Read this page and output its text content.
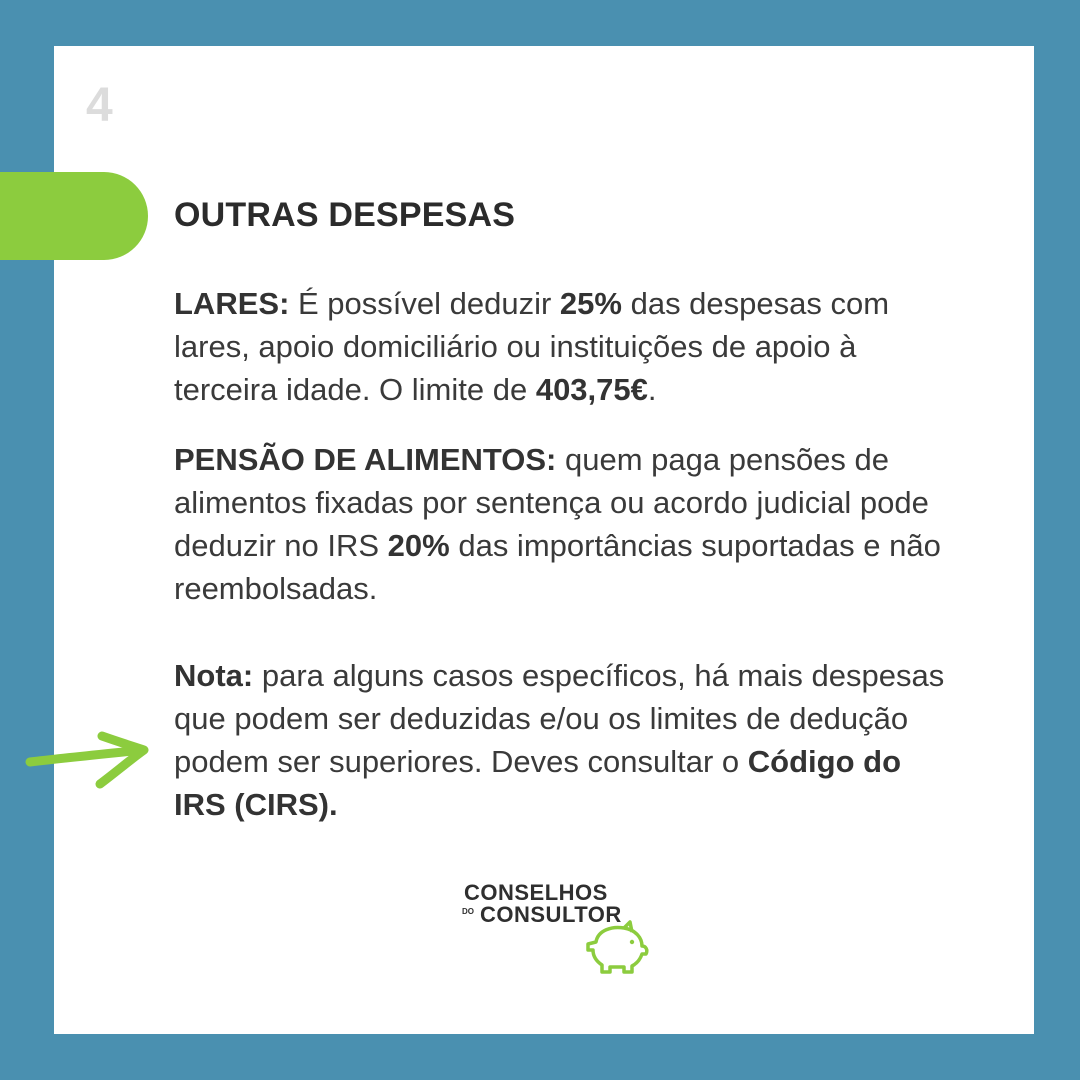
4
OUTRAS DESPESAS
LARES: É possível deduzir 25% das despesas com lares, apoio domiciliário ou instituições de apoio à terceira idade. O limite de 403,75€.
PENSÃO DE ALIMENTOS: quem paga pensões de alimentos fixadas por sentença ou acordo judicial pode deduzir no IRS 20% das importâncias suportadas e não reembolsadas.
Nota: para alguns casos específicos, há mais despesas que podem ser deduzidas e/ou os limites de dedução podem ser superiores. Deves consultar o Código do IRS (CIRS).
CONSELHOS
DO CONSULTOR
